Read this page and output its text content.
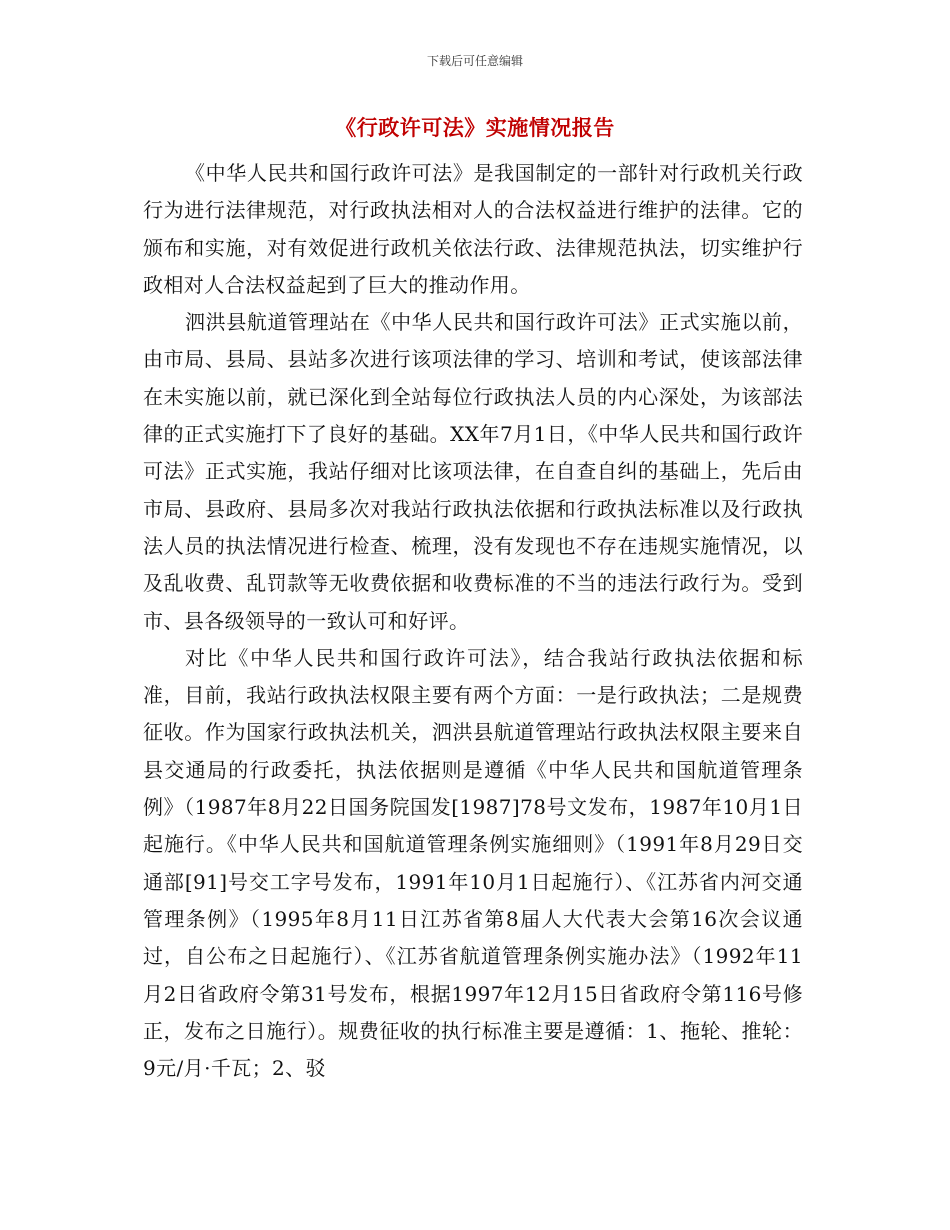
下载后可任意编辑
《行政许可法》实施情况报告

《中华人民共和国行政许可法》是我国制定的一部针对行政机关行政行为进行法律规范，对行政执法相对人的合法权益进行维护的法律。它的颁布和实施，对有效促进行政机关依法行政、法律规范执法，切实维护行政相对人合法权益起到了巨大的推动作用。

泗洪县航道管理站在《中华人民共和国行政许可法》正式实施以前，由市局、县局、县站多次进行该项法律的学习、培训和考试，使该部法律在未实施以前，就已深化到全站每位行政执法人员的内心深处，为该部法律的正式实施打下了良好的基础。XX年7月1日，《中华人民共和国行政许可法》正式实施，我站仔细对比该项法律，在自查自纠的基础上，先后由市局、县政府、县局多次对我站行政执法依据和行政执法标准以及行政执法人员的执法情况进行检查、梳理，没有发现也不存在违规实施情况，以及乱收费、乱罚款等无收费依据和收费标准的不当的违法行政行为。受到市、县各级领导的一致认可和好评。

对比《中华人民共和国行政许可法》，结合我站行政执法依据和标准，目前，我站行政执法权限主要有两个方面：一是行政执法；二是规费征收。作为国家行政执法机关，泗洪县航道管理站行政执法权限主要来自县交通局的行政委托，执法依据则是遵循《中华人民共和国航道管理条例》（1987年8月22日国务院国发[1987]78号文发布，1987年10月1日起施行。《中华人民共和国航道管理条例实施细则》（1991年8月29日交通部[91]号交工字号发布，1991年10月1日起施行）、《江苏省内河交通管理条例》（1995年8月11日江苏省第8届人大代表大会第16次会议通过，自公布之日起施行）、《江苏省航道管理条例实施办法》（1992年11月2日省政府令第31号发布，根据1997年12月15日省政府令第116号修正，发布之日施行）。规费征收的执行标准主要是遵循：1、拖轮、推轮：9元/月·千瓦；2、驳
